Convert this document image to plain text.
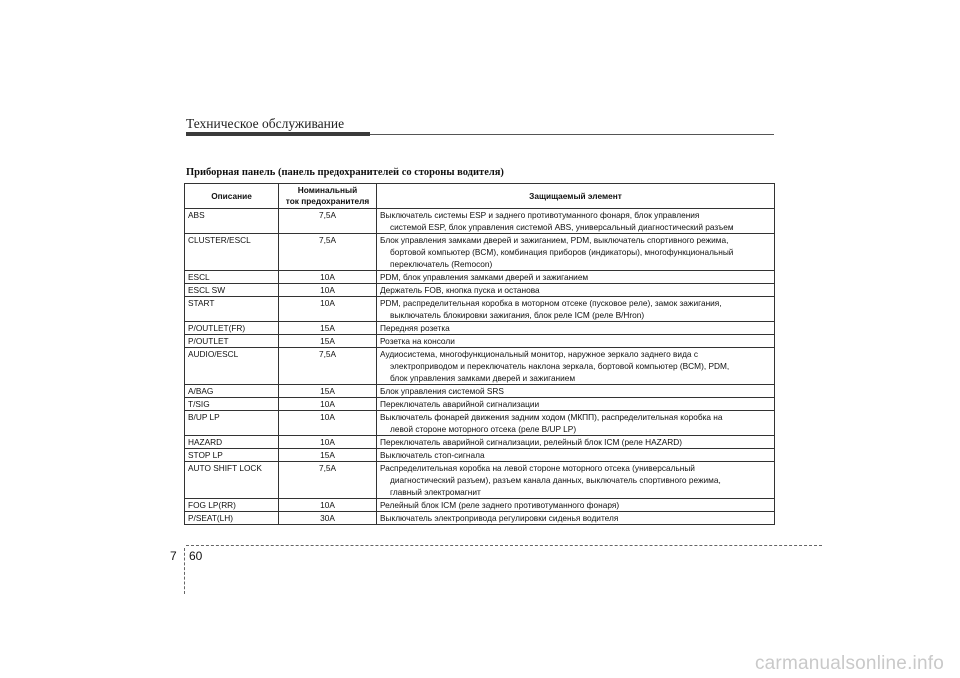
Техническое обслуживание
Приборная панель (панель предохранителей со стороны водителя)
Описание	Номинальный
ток предохранителя	Защищаемый элемент
ABS	7,5A	Выключатель системы ESP и заднего противотуманного фонаря, блок управления
системой ESP, блок управления системой ABS, универсальный диагностический разъем

CLUSTER/ESCL	7,5A	Блок управления замками дверей и зажиганием, PDM, выключатель спортивного режима,
бортовой компьютер (BCM), комбинация приборов (индикаторы), многофункциональный
переключатель (Remocon)

ESCL	10A	PDM, блок управления замками дверей и зажиганием

ESCL SW	10A	Держатель FOB, кнопка пуска и останова

START	10A	PDM, распределительная коробка в моторном отсеке (пусковое реле), замок зажигания,
выключатель блокировки зажигания, блок реле ICM (реле B/Hron)

P/OUTLET(FR)	15A	Передняя розетка

P/OUTLET	15A	Розетка на консоли

AUDIO/ESCL	7,5A	Аудиосистема, многофункциональный монитор, наружное зеркало заднего вида с
электроприводом и переключатель наклона зеркала, бортовой компьютер (BCM), PDM,
блок управления замками дверей и зажиганием

A/BAG	15A	Блок управления системой SRS

T/SIG	10A	Переключатель аварийной сигнализации

B/UP LP	10A	Выключатель фонарей движения задним ходом (МКПП), распределительная коробка на
левой стороне моторного отсека (реле B/UP LP)

HAZARD	10A	Переключатель аварийной сигнализации, релейный блок ICM (реле HAZARD)

STOP LP	15A	Выключатель стоп-сигнала

AUTO SHIFT LOCK	7,5A	Распределительная коробка на левой стороне моторного отсека (универсальный
диагностический разъем), разъем канала данных, выключатель спортивного режима,
главный электромагнит

FOG LP(RR)	10A	Релейный блок ICM (реле заднего противотуманного фонаря)

P/SEAT(LH)	30A	Выключатель электропривода регулировки сиденья водителя
7 60
carmanualsonline.info
